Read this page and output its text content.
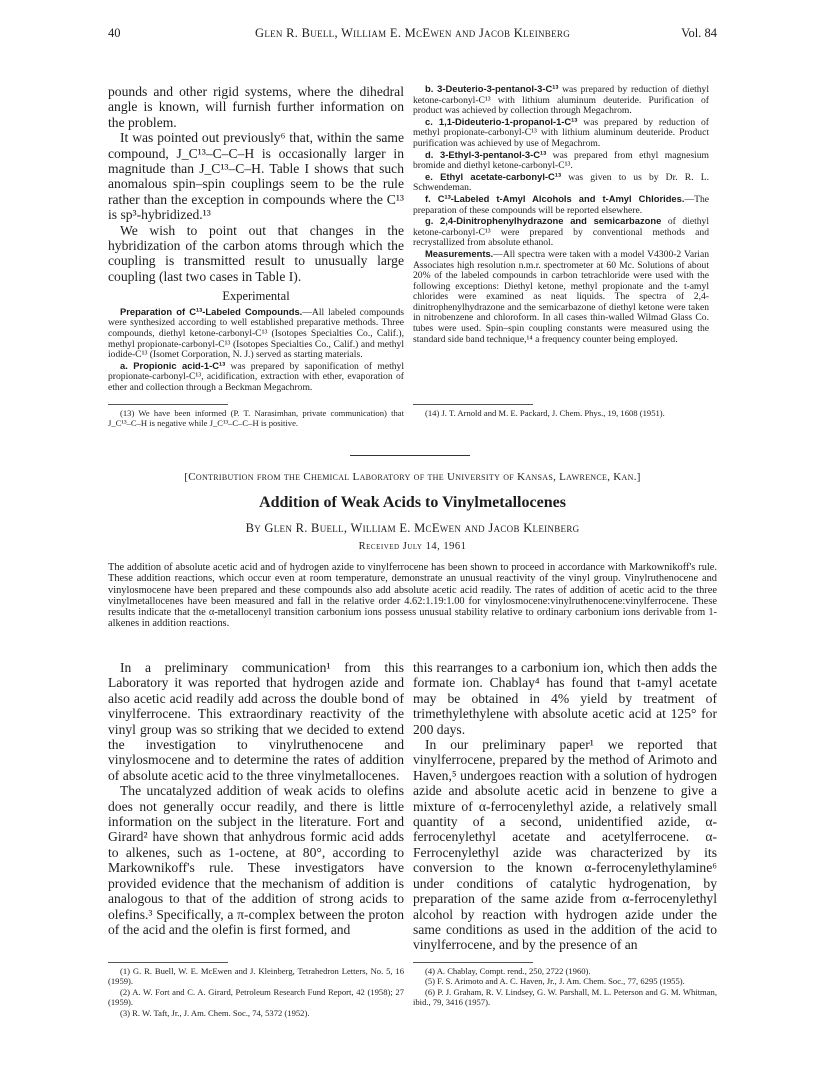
40	Glen R. Buell, William E. McEwen and Jacob Kleinberg	Vol. 84

pounds and other rigid systems, where the dihedral angle is known, will furnish further information on the problem.

It was pointed out previously⁶ that, within the same compound, J_C¹³–C–C–H is occasionally larger in magnitude than J_C¹³–C–H. Table I shows that such anomalous spin–spin couplings seem to be the rule rather than the exception in compounds where the C¹³ is sp³-hybridized.¹³

We wish to point out that changes in the hybridization of the carbon atoms through which the coupling is transmitted result to unusually large coupling (last two cases in Table I).

Experimental

Preparation of C¹³-Labeled Compounds.—All labeled compounds were synthesized according to well established preparative methods. Three compounds, diethyl ketone-carbonyl-C¹³ (Isotopes Specialties Co., Calif.), methyl propionate-carbonyl-C¹³ (Isotopes Specialties Co., Calif.) and methyl iodide-C¹³ (Isomet Corporation, N. J.) served as starting materials.

a. Propionic acid-1-C¹³ was prepared by saponification of methyl propionate-carbonyl-C¹³, acidification, extraction with ether, evaporation of ether and collection through a Beckman Megachrom.

(13) We have been informed (P. T. Narasimhan, private communication) that J_C¹³–C–H is negative while J_C¹³–C–C–H is positive.

b. 3-Deuterio-3-pentanol-3-C¹³ was prepared by reduction of diethyl ketone-carbonyl-C¹³ with lithium aluminum deuteride. Purification of product was achieved by collection through Megachrom.

c. 1,1-Dideuterio-1-propanol-1-C¹³ was prepared by reduction of methyl propionate-carbonyl-C¹³ with lithium aluminum deuteride. Product purification was achieved by use of Megachrom.

d. 3-Ethyl-3-pentanol-3-C¹³ was prepared from ethyl magnesium bromide and diethyl ketone-carbonyl-C¹³.

e. Ethyl acetate-carbonyl-C¹³ was given to us by Dr. R. L. Schwendeman.

f. C¹³-Labeled t-Amyl Alcohols and t-Amyl Chlorides.—The preparation of these compounds will be reported elsewhere.

g. 2,4-Dinitrophenylhydrazone and semicarbazone of diethyl ketone-carbonyl-C¹³ were prepared by conventional methods and recrystallized from absolute ethanol.

Measurements.—All spectra were taken with a model V4300-2 Varian Associates high resolution n.m.r. spectrometer at 60 Mc. Solutions of about 20% of the labeled compounds in carbon tetrachloride were used with the following exceptions: Diethyl ketone, methyl propionate and the t-amyl chlorides were examined as neat liquids. The spectra of 2,4-dinitrophenylhydrazone and the semicarbazone of diethyl ketone were taken in nitrobenzene and chloroform. In all cases thin-walled Wilmad Glass Co. tubes were used. Spin–spin coupling constants were measured using the standard side band technique,¹⁴ a frequency counter being employed.

(14) J. T. Arnold and M. E. Packard, J. Chem. Phys., 19, 1608 (1951).

[Contribution from the Chemical Laboratory of the University of Kansas, Lawrence, Kan.]
Addition of Weak Acids to Vinylmetallocenes
By Glen R. Buell, William E. McEwen and Jacob Kleinberg
Received July 14, 1961
The addition of absolute acetic acid and of hydrogen azide to vinylferrocene has been shown to proceed in accordance with Markownikoff's rule. These addition reactions, which occur even at room temperature, demonstrate an unusual reactivity of the vinyl group. Vinylruthenocene and vinylosmocene have been prepared and these compounds also add absolute acetic acid readily. The rates of addition of acetic acid to the three vinylmetallocenes have been measured and fall in the relative order 4.62:1.19:1.00 for vinylosmocene:vinylruthenocene:vinylferrocene. These results indicate that the α-metallocenyl transition carbonium ions possess unusual stability relative to ordinary carbonium ions derivable from 1-alkenes in addition reactions.

In a preliminary communication¹ from this Laboratory it was reported that hydrogen azide and also acetic acid readily add across the double bond of vinylferrocene. This extraordinary reactivity of the vinyl group was so striking that we decided to extend the investigation to vinylruthenocene and vinylosmocene and to determine the rates of addition of absolute acetic acid to the three vinylmetallocenes.

The uncatalyzed addition of weak acids to olefins does not generally occur readily, and there is little information on the subject in the literature. Fort and Girard² have shown that anhydrous formic acid adds to alkenes, such as 1-octene, at 80°, according to Markownikoff's rule. These investigators have provided evidence that the mechanism of addition is analogous to that of the addition of strong acids to olefins.³ Specifically, a π-complex between the proton of the acid and the olefin is first formed, and

(1) G. R. Buell, W. E. McEwen and J. Kleinberg, Tetrahedron Letters, No. 5, 16 (1959).

(2) A. W. Fort and C. A. Girard, Petroleum Research Fund Report, 42 (1958); 27 (1959).

(3) R. W. Taft, Jr., J. Am. Chem. Soc., 74, 5372 (1952).

this rearranges to a carbonium ion, which then adds the formate ion. Chablay⁴ has found that t-amyl acetate may be obtained in 4% yield by treatment of trimethylethylene with absolute acetic acid at 125° for 200 days.

In our preliminary paper¹ we reported that vinylferrocene, prepared by the method of Arimoto and Haven,⁵ undergoes reaction with a solution of hydrogen azide and absolute acetic acid in benzene to give a mixture of α-ferrocenylethyl azide, a relatively small quantity of a second, unidentified azide, α-ferrocenylethyl acetate and acetylferrocene. α-Ferrocenylethyl azide was characterized by its conversion to the known α-ferrocenylethylamine⁶ under conditions of catalytic hydrogenation, by preparation of the same azide from α-ferrocenylethyl alcohol by reaction with hydrogen azide under the same conditions as used in the addition of the acid to vinylferrocene, and by the presence of an

(4) A. Chablay, Compt. rend., 250, 2722 (1960).

(5) F. S. Arimoto and A. C. Haven, Jr., J. Am. Chem. Soc., 77, 6295 (1955).

(6) P. J. Graham, R. V. Lindsey, G. W. Parshall, M. L. Peterson and G. M. Whitman, ibid., 79, 3416 (1957).
